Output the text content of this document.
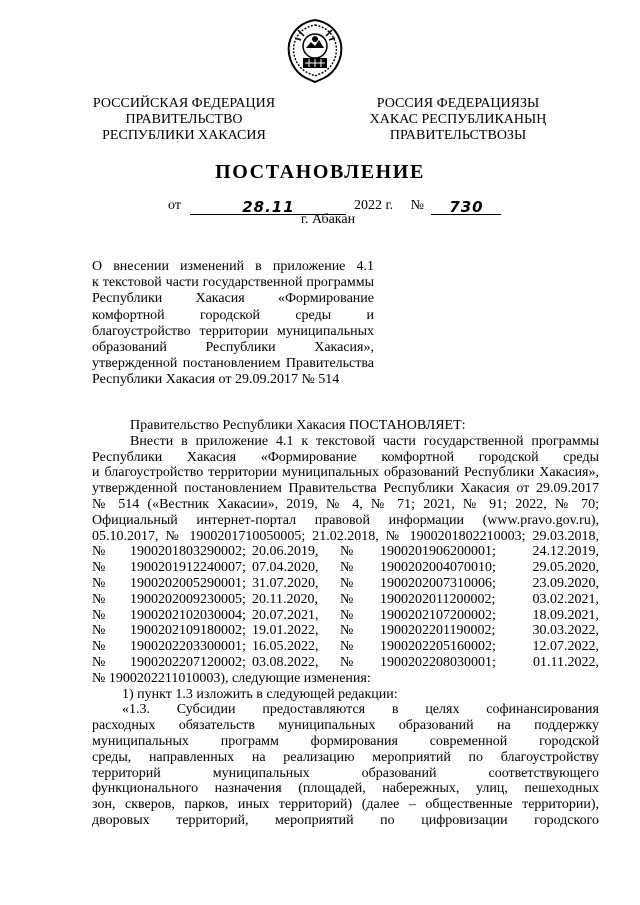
РОССИЙСКАЯ ФЕДЕРАЦИЯ
ПРАВИТЕЛЬСТВО
РЕСПУБЛИКИ ХАКАСИЯ
РОССИЯ ФЕДЕРАЦИЯЗЫ
ХАКАС РЕСПУБЛИКАНЫҢ
ПРАВИТЕЛЬСТВОЗЫ
ПОСТАНОВЛЕНИЕ
от	28.11	2022 г. № 730
г. Абакан
О внесении изменений в приложение 4.1
к текстовой части государственной программы
Республики Хакасия «Формирование
комфортной городской среды и
благоустройство территории муниципальных
образований Республики Хакасия»,
утвержденной постановлением Правительства
Республики Хакасия от 29.09.2017 № 514
Правительство Республики Хакасия ПОСТАНОВЛЯЕТ:
Внести в приложение 4.1 к текстовой части государственной программы
Республики Хакасия «Формирование комфортной городской среды
и благоустройство территории муниципальных образований Республики Хакасия»,
утвержденной постановлением Правительства Республики Хакасия от 29.09.2017
№ 514 («Вестник Хакасии», 2019, № 4, № 71; 2021, № 91; 2022, № 70;
Официальный интернет-портал правовой информации (www.pravo.gov.ru),
05.10.2017, № 1900201710050005; 21.02.2018, № 1900201802210003; 29.03.2018,
№	1900201803290002; 20.06.2019,	№	1900201906200001;	24.12.2019,
№	1900201912240007; 07.04.2020,	№	1900202004070010;	29.05.2020,
№	1900202005290001; 31.07.2020,	№	1900202007310006;	23.09.2020,
№	1900202009230005; 20.11.2020,	№	1900202011200002;	03.02.2021,
№	1900202102030004; 20.07.2021,	№	1900202107200002;	18.09.2021,
№	1900202109180002; 19.01.2022,	№	1900202201190002;	30.03.2022,
№	1900202203300001; 16.05.2022,	№	1900202205160002;	12.07.2022,
№	1900202207120002; 03.08.2022,	№	1900202208030001;	01.11.2022,
№ 1900202211010003), следующие изменения:
1) пункт 1.3 изложить в следующей редакции:
«1.3. Субсидии предоставляются в целях софинансирования
расходных обязательств муниципальных образований на поддержку
муниципальных программ формирования современной городской
среды, направленных на реализацию мероприятий по благоустройству
территорий муниципальных образований соответствующего
функционального назначения (площадей, набережных, улиц, пешеходных
зон, скверов, парков, иных территорий) (далее – общественные территории),
дворовых территорий, мероприятий по цифровизации городского
